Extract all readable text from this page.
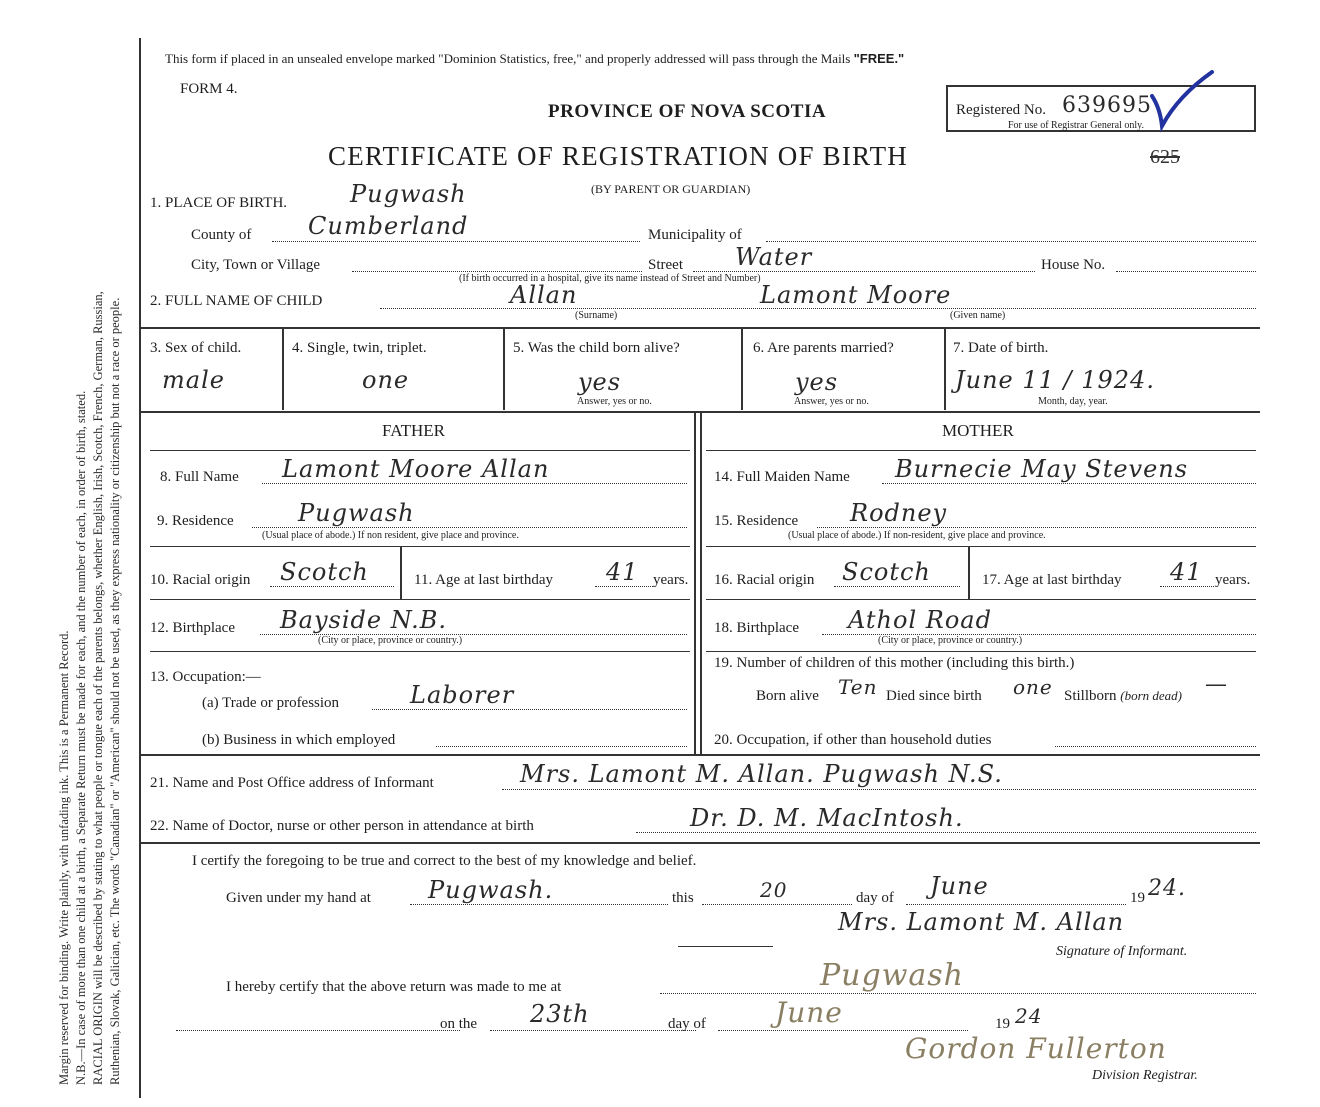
Margin reserved for binding. Write plainly, with unfading ink. This is a Permanent Record. N.B.—In case of more than one child at a birth, a Separate Return must be made for each, and the number of each, in order of birth, stated. RACIAL ORIGIN will be described by stating to what people or tongue each of the parents belongs, whether English, Irish, Scotch, French, German, Russian, Ruthenian, Slovak, Galician, etc. The words "Canadian" or "American" should not be used, as they express nationality or citizenship but not a race or people.
This form if placed in an unsealed envelope marked "Dominion Statistics, free," and properly addressed will pass through the Mails "FREE."
FORM 4.
PROVINCE OF NOVA SCOTIA
CERTIFICATE OF REGISTRATION OF BIRTH
(BY PARENT OR GUARDIAN)
625
Registered No. 639695
For use of Registrar General only.
1. PLACE OF BIRTH.	Pugwash
County of Cumberland	Municipality of
City, Town or Village	Street Water	House No.
(If birth occurred in a hospital, give its name instead of Street and Number)
2. FULL NAME OF CHILD	Allan	Lamont Moore
(Surname)	(Given name)
3. Sex of child.
male
4. Single, twin, triplet.
one
5. Was the child born alive?
yes
Answer, yes or no.
6. Are parents married?
yes
Answer, yes or no.
7. Date of birth.
June 11 / 1924.
Month, day, year.
FATHER	MOTHER
8. Full Name Lamont Moore Allan
9. Residence	Pugwash
(Usual place of abode.) If non resident, give place and province.
10. Racial origin Scotch	11. Age at last birthday 41 years.
12. Birthplace Bayside N.B.
(City or place, province or country.)
13. Occupation:—
(a) Trade or profession	Laborer
(b) Business in which employed
14. Full Maiden Name Burnecie May Stevens
15. Residence Rodney
(Usual place of abode.) If non-resident, give place and province.
16. Racial origin Scotch	17. Age at last birthday 41 years.
18. Birthplace Athol Road
(City or place, province or country.)
19. Number of children of this mother (including this birth.)
Born alive Ten Died since birth one Stillborn (born dead) —
20. Occupation, if other than household duties
21. Name and Post Office address of Informant	Mrs. Lamont M. Allan. Pugwash N.S.
22. Name of Doctor, nurse or other person in attendance at birth	Dr. D. M. MacIntosh.
I certify the foregoing to be true and correct to the best of my knowledge and belief.
Given under my hand at Pugwash.	this	20	day of June	19 24.
Mrs. Lamont M. Allan
Signature of Informant.
I hereby certify that the above return was made to me at	Pugwash
on the 23th	day of June	19 24
Gordon Fullerton
Division Registrar.
